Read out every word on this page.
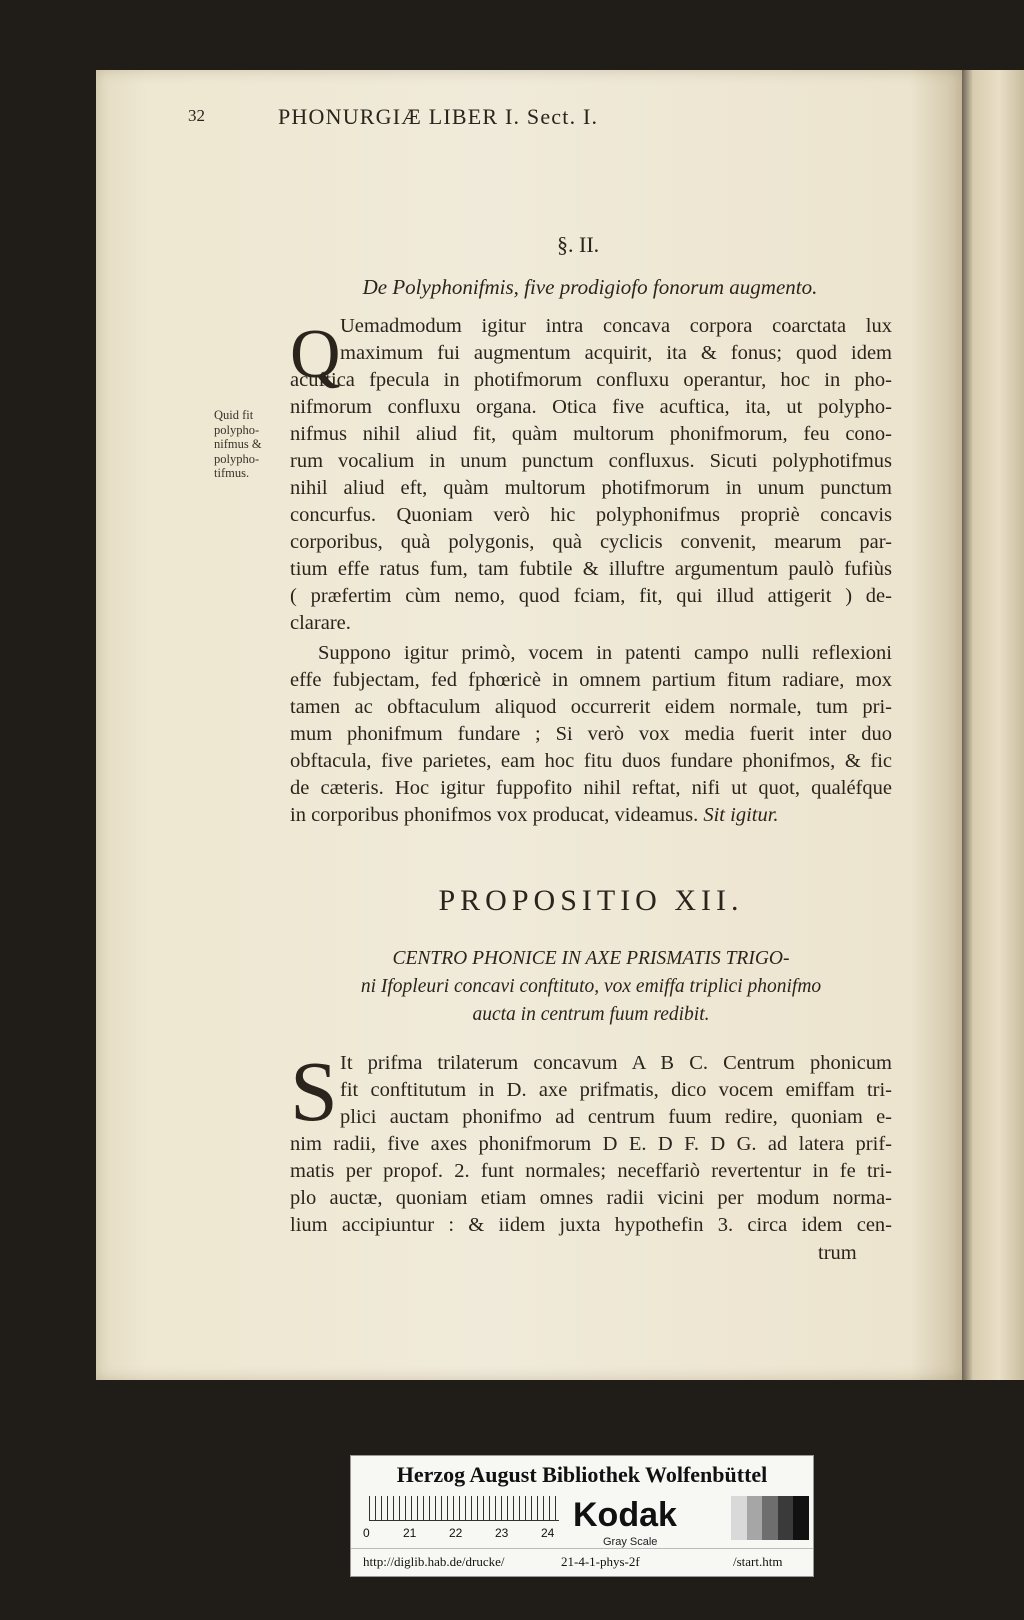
32	PHONURGIÆ LIBER I. Sect. I.
§. II.
De Polyphonifmis, five prodigiofo fonorum augmento.
Quid fit polypho-nifmus & polypho-tifmus.
Q Uemadmodum igitur intra concava corpora coarctata lux
maximum fui augmentum acquirit, ita & fonus; quod idem
acuftica fpecula in photifmorum confluxu operantur, hoc in pho-
nifmorum confluxu organa. Otica five acuftica, ita, ut polypho-
nifmus nihil aliud fit, quàm multorum phonifmorum, feu cono-
rum vocalium in unum punctum confluxus. Sicuti polyphotifmus
nihil aliud eft, quàm multorum photifmorum in unum punctum
concurfus. Quoniam verò hic polyphonifmus propriè concavis
corporibus, quà polygonis, quà cyclicis convenit, mearum par-
tium effe ratus fum, tam fubtile & illuftre argumentum paulò fufiùs
( præfertim cùm nemo, quod fciam, fit, qui illud attigerit ) de-
clarare.
Suppono igitur primò, vocem in patenti campo nulli reflexioni
effe fubjectam, fed fphœricè in omnem partium fitum radiare, mox
tamen ac obftaculum aliquod occurrerit eidem normale, tum pri-
mum phonifmum fundare ; Si verò vox media fuerit inter duo
obftacula, five parietes, eam hoc fitu duos fundare phonifmos, & fic
de cæteris. Hoc igitur fuppofito nihil reftat, nifi ut quot, qualéfque
in corporibus phonifmos vox producat, videamus. Sit igitur.
PROPOSITIO XII.
CENTRO PHONICE IN AXE PRISMATIS TRIGO-
ni Ifopleuri concavi conftituto, vox emiffa triplici phonifmo
aucta in centrum fuum redibit.
S It prifma trilaterum concavum A B C. Centrum phonicum
fit conftitutum in D. axe prifmatis, dico vocem emiffam tri-
plici auctam phonifmo ad centrum fuum redire, quoniam e-
nim radii, five axes phonifmorum D E. D F. D G. ad latera prif-
matis per propof. 2. funt normales; neceffariò revertentur in fe tri-
plo auctæ, quoniam etiam omnes radii vicini per modum norma-
lium accipiuntur : & iidem juxta hypothefin 3. circa idem cen-
trum
Herzog August Bibliothek Wolfenbüttel
0	21	22	23	24 Kodak
Gray Scale
http://diglib.hab.de/drucke/	21-4-1-phys-2f	/start.htm
